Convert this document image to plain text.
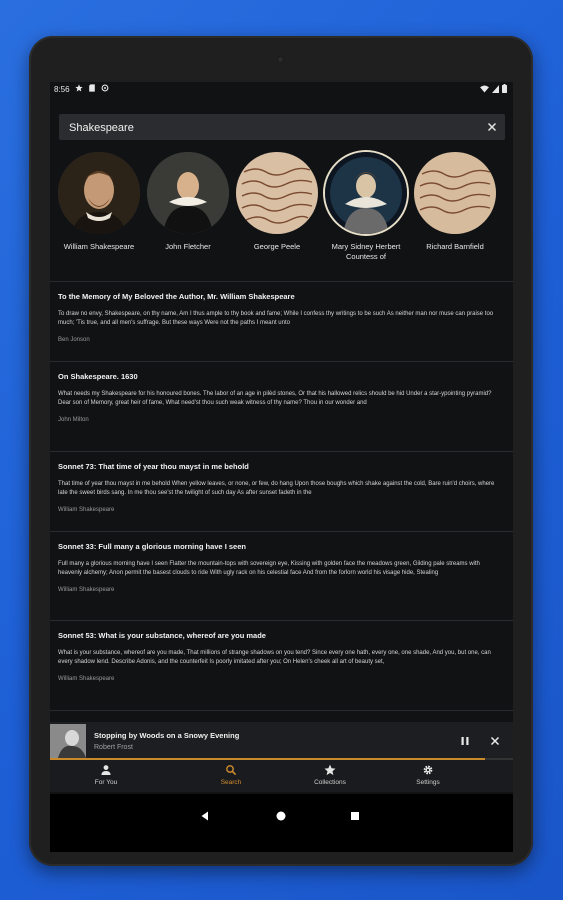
8:56
Shakespeare
William Shakespeare	John Fletcher	George Peele	Mary Sidney Herbert Countess of
Richard Barnfield
To the Memory of My Beloved the Author, Mr. William Shakespeare
To draw no envy, Shakespeare, on thy name, Am I thus ample to thy book and fame; While I confess thy writings to be such As neither man nor muse can praise too much; 'Tis true, and all men's suffrage. But these ways Were not the paths I meant unto
Ben Jonson
On Shakespeare. 1630
What needs my Shakespeare for his honoured bones. The labor of an age in pilèd stones, Or that his hallowed relics should be hid Under a star-ypointing pyramid? Dear son of Memory, great heir of fame, What need'st thou such weak witness of thy name? Thou in our wonder and
John Milton
Sonnet 73: That time of year thou mayst in me behold
That time of year thou mayst in me behold When yellow leaves, or none, or few, do hang Upon those boughs which shake against the cold, Bare ruin'd choirs, where late the sweet birds sang. In me thou see'st the twilight of such day As after sunset fadeth in the
William Shakespeare
Sonnet 33: Full many a glorious morning have I seen
Full many a glorious morning have I seen Flatter the mountain-tops with sovereign eye, Kissing with golden face the meadows green, Gilding pale streams with heavenly alchemy; Anon permit the basest clouds to ride With ugly rack on his celestial face And from the forlorn world his visage hide, Stealing
William Shakespeare
Sonnet 53: What is your substance, whereof are you made
What is your substance, whereof are you made, That millions of strange shadows on you tend? Since every one hath, every one, one shade, And you, but one, can every shadow lend. Describe Adonis, and the counterfeit Is poorly imitated after you; On Helen's cheek all art of beauty set,
William Shakespeare
Stopping by Woods on a Snowy Evening
Robert Frost
For You	Search	Collections	Settings
